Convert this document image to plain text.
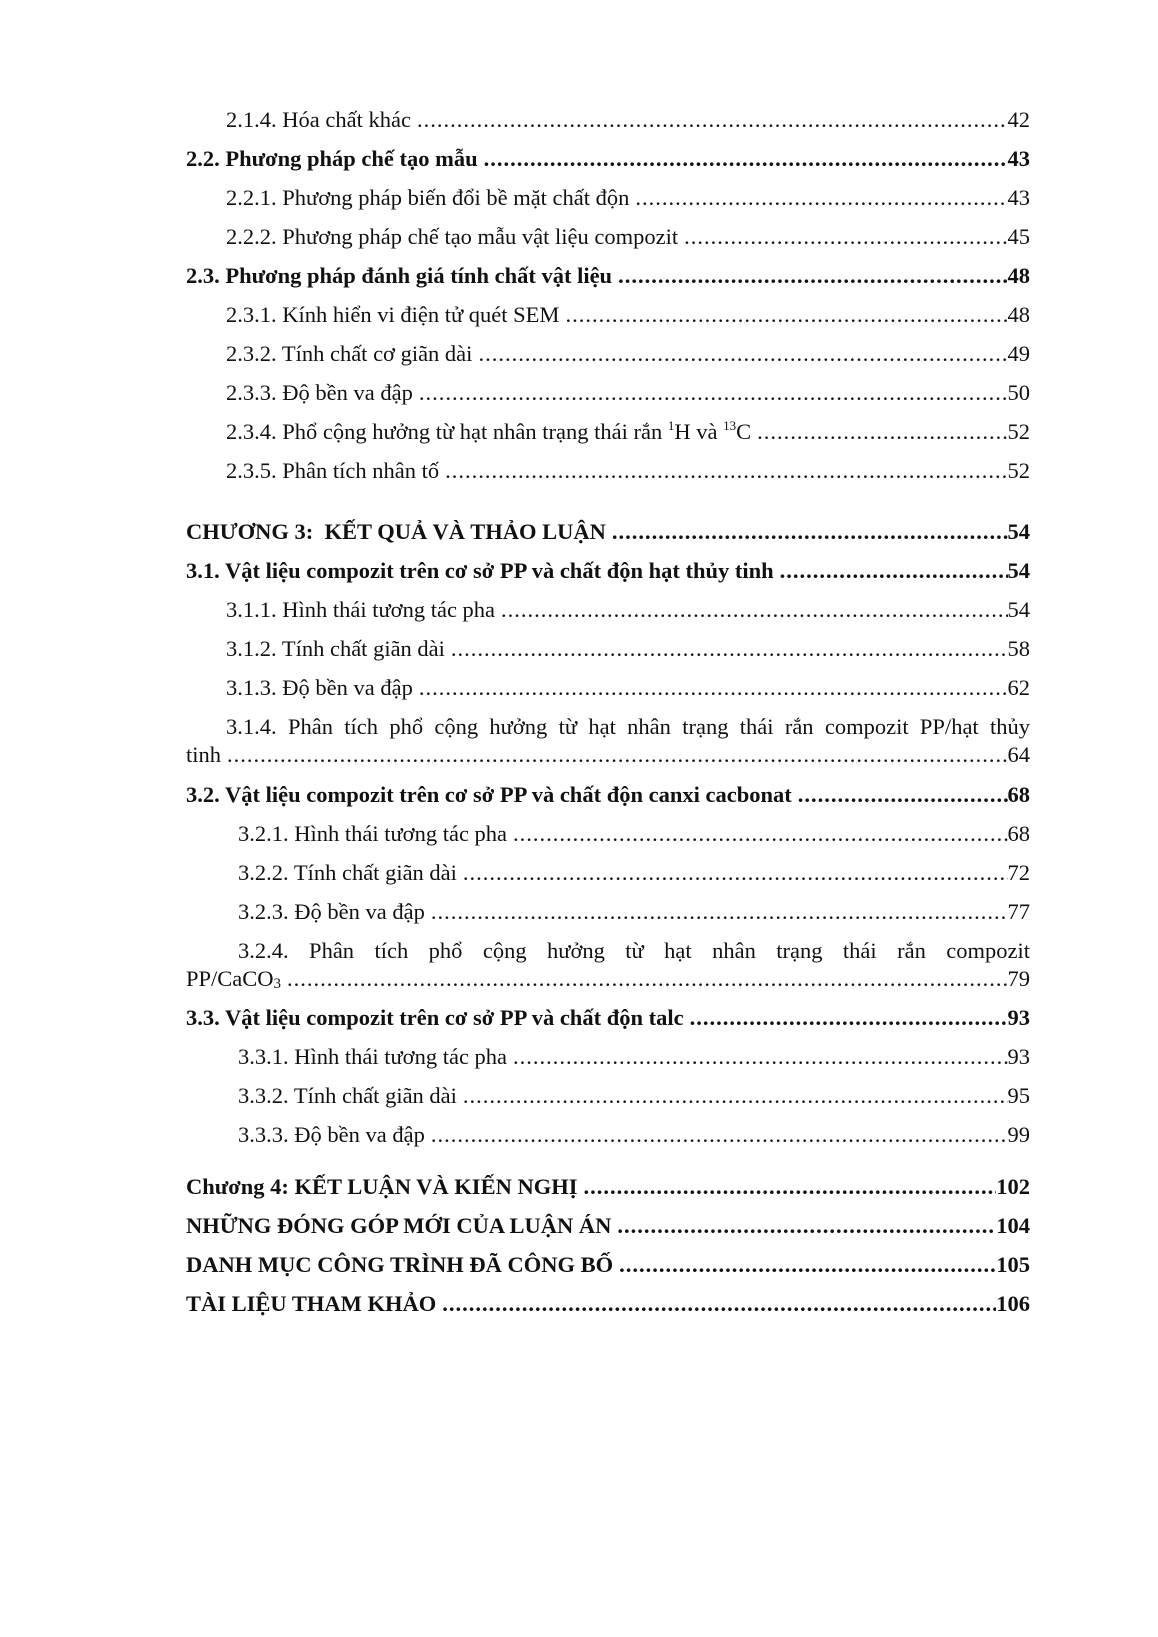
2.1.4. Hóa chất khác .....	42
2.2. Phương pháp chế tạo mẫu .....	43
2.2.1. Phương pháp biến đổi bề mặt chất độn .....	43
2.2.2. Phương pháp chế tạo mẫu vật liệu compozit .....	45
2.3. Phương pháp đánh giá tính chất vật liệu .....	48
2.3.1. Kính hiển vi điện tử quét SEM .....	48
2.3.2. Tính chất cơ giãn dài .....	49
2.3.3. Độ bền va đập .....	50
2.3.4. Phổ cộng hưởng từ hạt nhân trạng thái rắn $^1$H và $^{13}$C .....	52
2.3.5. Phân tích nhân tố .....	52
CHƯƠNG 3:  KẾT QUẢ VÀ THẢO LUẬN .....	54
3.1. Vật liệu compozit trên cơ sở PP và chất độn hạt thủy tinh .....	54
3.1.1. Hình thái tương tác pha .....	54
3.1.2. Tính chất giãn dài .....	58
3.1.3. Độ bền va đập .....	62
3.1.4. Phân tích phổ cộng hưởng từ hạt nhân trạng thái rắn compozit PP/hạt thủy
tinh .....	64
3.2. Vật liệu compozit trên cơ sở PP và chất độn canxi cacbonat .....	68
3.2.1. Hình thái tương tác pha .....	68
3.2.2. Tính chất giãn dài .....	72
3.2.3. Độ bền va đập .....	77
3.2.4. Phân tích phổ cộng hưởng từ hạt nhân trạng thái rắn compozit
PP/CaCO$_3$ .....	79
3.3. Vật liệu compozit trên cơ sở PP và chất độn talc .....	93
3.3.1. Hình thái tương tác pha .....	93
3.3.2. Tính chất giãn dài .....	95
3.3.3. Độ bền va đập .....	99
Chương 4: KẾT LUẬN VÀ KIẾN NGHỊ .....	102
NHỮNG ĐÓNG GÓP MỚI CỦA LUẬN ÁN .....	104
DANH MỤC CÔNG TRÌNH ĐÃ CÔNG BỐ .....	105
TÀI LIỆU THAM KHẢO .....	106
